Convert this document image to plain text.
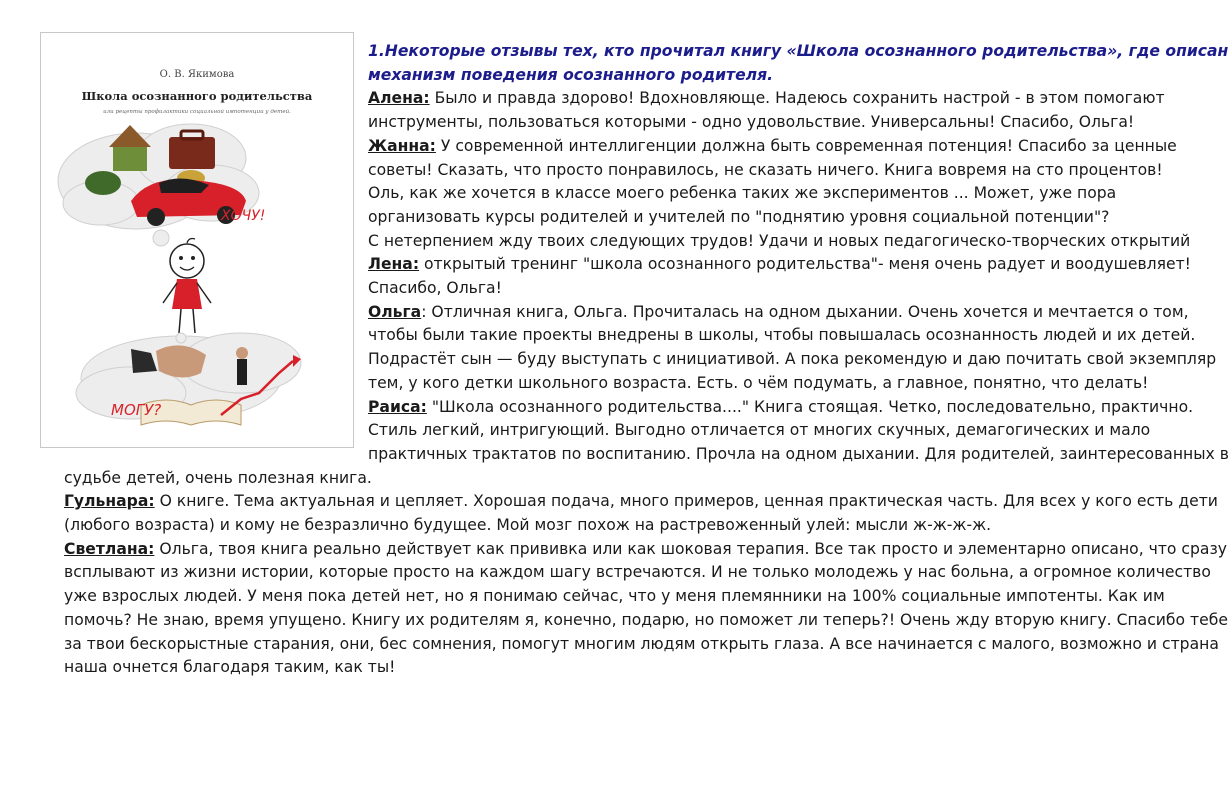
О. В. Якимова
Школа осознанного родительства
или рецепты профилактики социальной импотенции у детей.
ХОЧУ!
МОГУ?

1.Некоторые отзывы тех, кто прочитал книгу «Школа осознанного родительства», где описан механизм поведения осознанного родителя.

Алена: Было и правда здорово! Вдохновляюще. Надеюсь сохранить настрой - в этом помогают инструменты, пользоваться которыми - одно удовольствие. Универсальны! Спасибо, Ольга!

Жанна: У современной интеллигенции должна быть современная потенция! Спасибо за ценные советы! Сказать, что просто понравилось, не сказать ничего. Книга вовремя на сто процентов!

Оль, как же хочется в классе моего ребенка таких же экспериментов ... Может, уже пора организовать курсы родителей и учителей по "поднятию уровня социальной потенции"?

С нетерпением жду твоих следующих трудов! Удачи и новых педагогическо-творческих открытий

Лена: открытый тренинг "школа осознанного родительства"- меня очень радует и воодушевляет! Спасибо, Ольга!

Ольга: Отличная книга, Ольга. Прочиталась на одном дыхании. Очень хочется и мечтается о том, чтобы были такие проекты внедрены в школы, чтобы повышалась осознанность людей и их детей. Подрастёт сын — буду выступать с инициативой. А пока рекомендую и даю почитать свой экземпляр тем, у кого детки школьного возраста. Есть. о чём подумать, а главное, понятно, что делать!

Раиса: "Школа осознанного родительства...." Книга стоящая. Четко, последовательно, практично. Стиль легкий, интригующий. Выгодно отличается от многих скучных, демагогических и мало практичных трактатов по воспитанию. Прочла на одном дыхании. Для родителей, заинтересованных в судьбе детей, очень полезная книга.

Гульнара: О книге. Тема актуальная и цепляет. Хорошая подача, много примеров, ценная практическая часть. Для всех у кого есть дети (любого возраста) и кому не безразлично будущее. Мой мозг похож на растревоженный улей: мысли ж-ж-ж-ж.

Светлана: Ольга, твоя книга реально действует как прививка или как шоковая терапия. Все так просто и элементарно описано, что сразу всплывают из жизни истории, которые просто на каждом шагу встречаются. И не только молодежь у нас больна, а огромное количество уже взрослых людей. У меня пока детей нет, но я понимаю сейчас, что у меня племянники на 100% социальные импотенты. Как им помочь? Не знаю, время упущено. Книгу их родителям я, конечно, подарю, но поможет ли теперь?! Очень жду вторую книгу. Спасибо тебе за твои бескорыстные старания, они, бес сомнения, помогут многим людям открыть глаза. А все начинается с малого, возможно и страна наша очнется благодаря таким, как ты!
